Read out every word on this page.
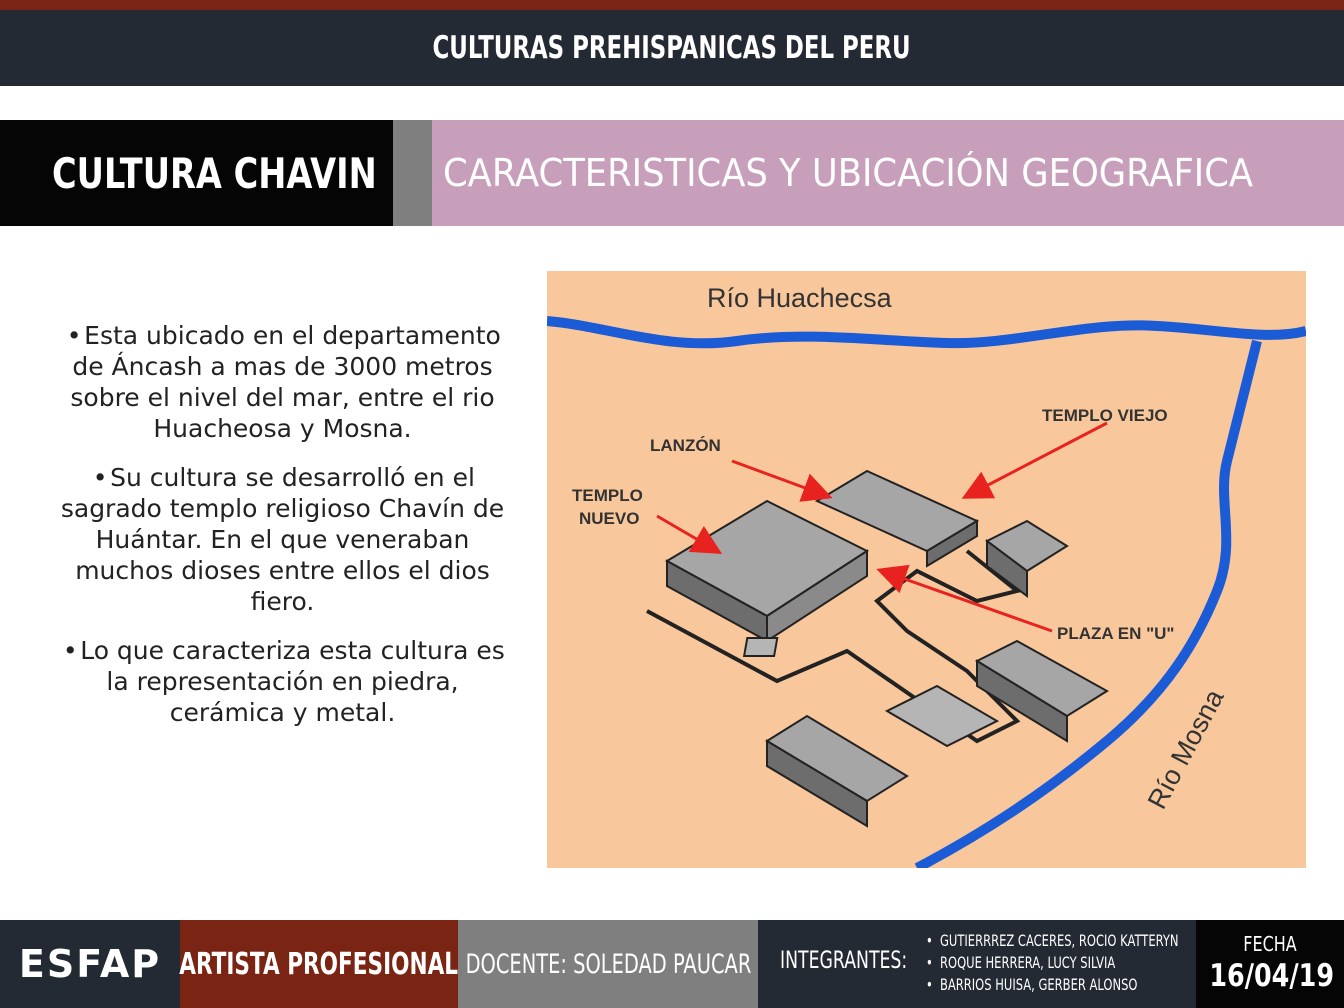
CULTURAS PREHISPANICAS DEL PERU
CULTURA CHAVIN CARACTERISTICAS Y UBICACIÓN GEOGRAFICA
• Esta ubicado en el departamento de Áncash a mas de 3000 metros sobre el nivel del mar, entre el rio Huacheosa y Mosna.
• Su cultura se desarrolló en el sagrado templo religioso Chavín de Huántar. En el que veneraban muchos dioses entre ellos el dios fiero.
• Lo que caracteriza esta cultura es la representación en piedra, cerámica y metal.
Río Huachecsa
Río Mosna
TEMPLO VIEJO
LANZÓN
TEMPLO
NUEVO
PLAZA EN "U"
ESFAP ARTISTA PROFESIONAL DOCENTE: SOLEDAD PAUCAR INTEGRANTES:
• GUTIERRREZ CACERES, ROCIO KATTERYN
• ROQUE HERRERA, LUCY SILVIA
• BARRIOS HUISA, GERBER ALONSO
FECHA
16/04/19
